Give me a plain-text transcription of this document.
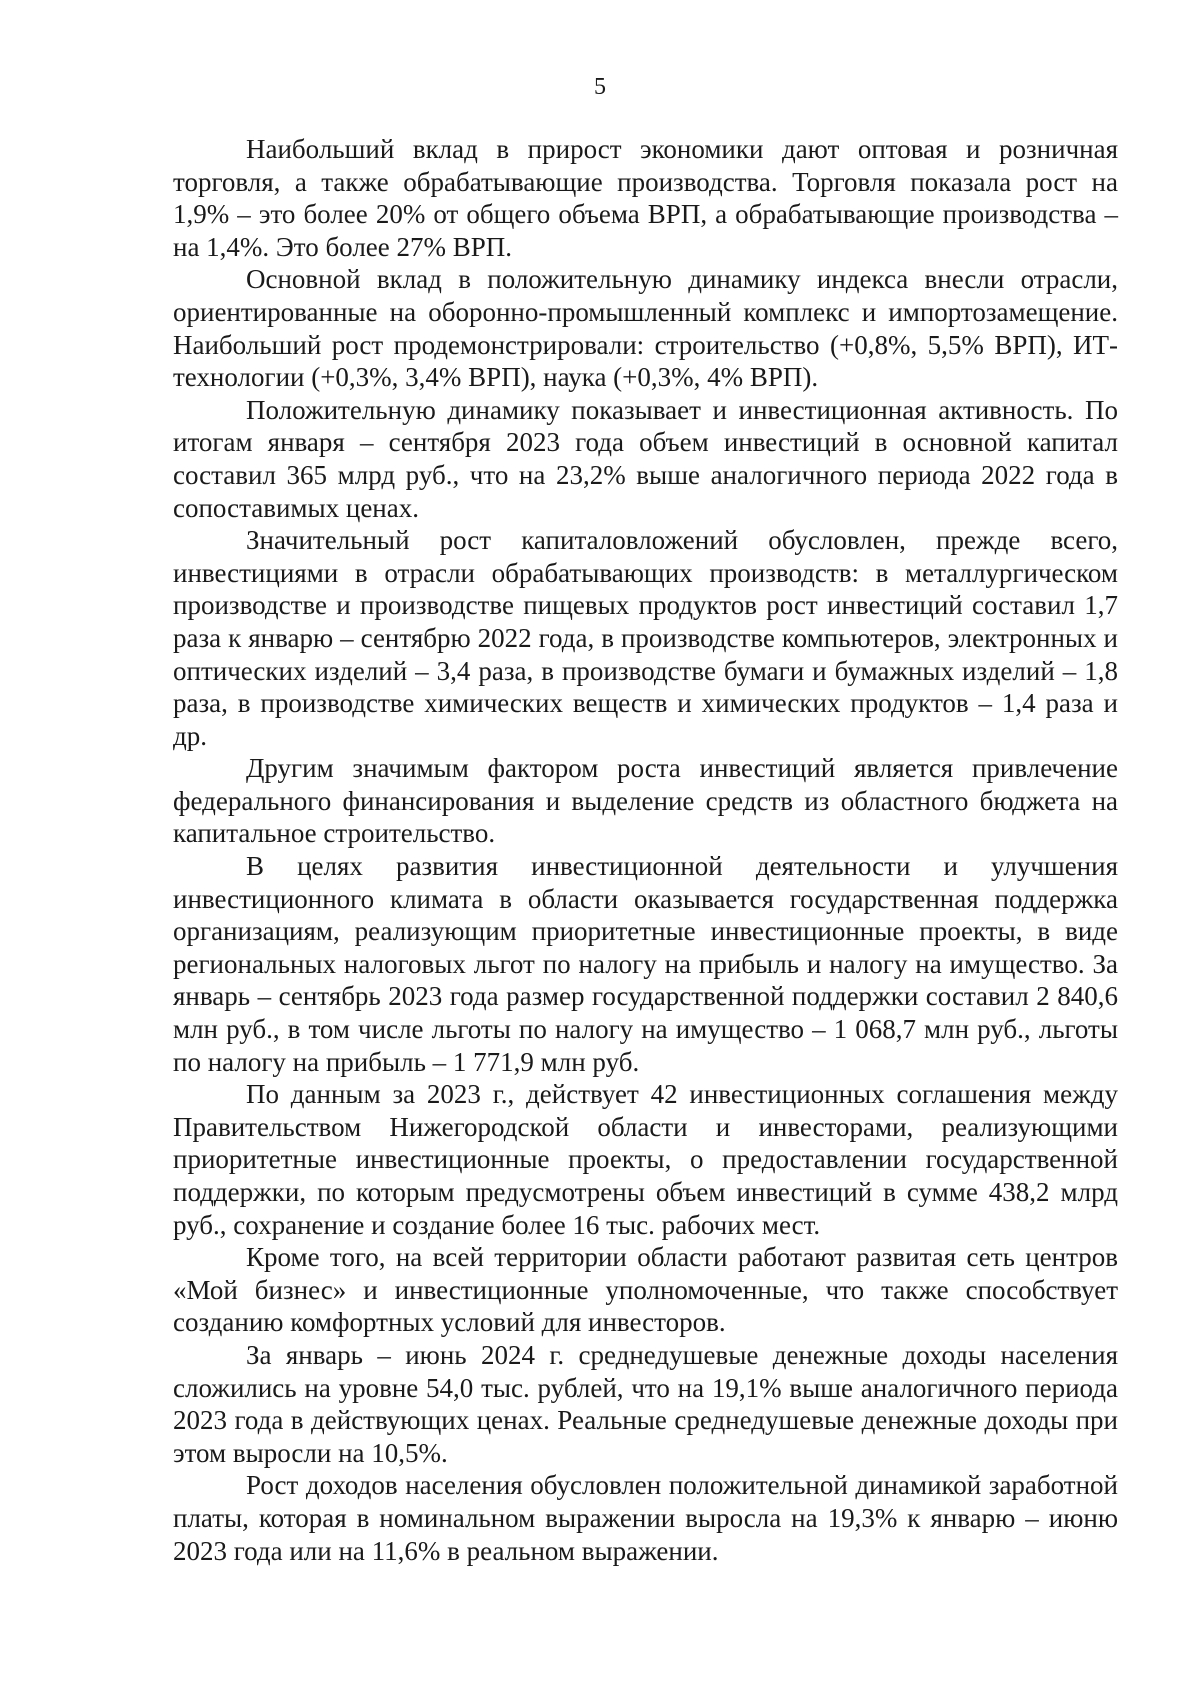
5

Наибольший вклад в прирост экономики дают оптовая и розничная торговля, а также обрабатывающие производства. Торговля показала рост на 1,9% – это более 20% от общего объема ВРП, а обрабатывающие производства – на 1,4%. Это более 27% ВРП.

Основной вклад в положительную динамику индекса внесли отрасли, ориентированные на оборонно-промышленный комплекс и импортозамещение. Наибольший рост продемонстрировали: строительство (+0,8%, 5,5% ВРП), ИТ-технологии (+0,3%, 3,4% ВРП), наука (+0,3%, 4% ВРП).

Положительную динамику показывает и инвестиционная активность. По итогам января – сентября 2023 года объем инвестиций в основной капитал составил 365 млрд руб., что на 23,2% выше аналогичного периода 2022 года в сопоставимых ценах.

Значительный рост капиталовложений обусловлен, прежде всего, инвестициями в отрасли обрабатывающих производств: в металлургическом производстве и производстве пищевых продуктов рост инвестиций составил 1,7 раза к январю – сентябрю 2022 года, в производстве компьютеров, электронных и оптических изделий – 3,4 раза, в производстве бумаги и бумажных изделий – 1,8 раза, в производстве химических веществ и химических продуктов – 1,4 раза и др.

Другим значимым фактором роста инвестиций является привлечение федерального финансирования и выделение средств из областного бюджета на капитальное строительство.

В целях развития инвестиционной деятельности и улучшения инвестиционного климата в области оказывается государственная поддержка организациям, реализующим приоритетные инвестиционные проекты, в виде региональных налоговых льгот по налогу на прибыль и налогу на имущество. За январь – сентябрь 2023 года размер государственной поддержки составил 2 840,6 млн руб., в том числе льготы по налогу на имущество – 1 068,7 млн руб., льготы по налогу на прибыль – 1 771,9 млн руб.

По данным за 2023 г., действует 42 инвестиционных соглашения между Правительством Нижегородской области и инвесторами, реализующими приоритетные инвестиционные проекты, о предоставлении государственной поддержки, по которым предусмотрены объем инвестиций в сумме 438,2 млрд руб., сохранение и создание более 16 тыс. рабочих мест.

Кроме того, на всей территории области работают развитая сеть центров «Мой бизнес» и инвестиционные уполномоченные, что также способствует созданию комфортных условий для инвесторов.

За январь – июнь 2024 г. среднедушевые денежные доходы населения сложились на уровне 54,0 тыс. рублей, что на 19,1% выше аналогичного периода 2023 года в действующих ценах. Реальные среднедушевые денежные доходы при этом выросли на 10,5%.

Рост доходов населения обусловлен положительной динамикой заработной платы, которая в номинальном выражении выросла на 19,3% к январю – июню 2023 года или на 11,6% в реальном выражении.
